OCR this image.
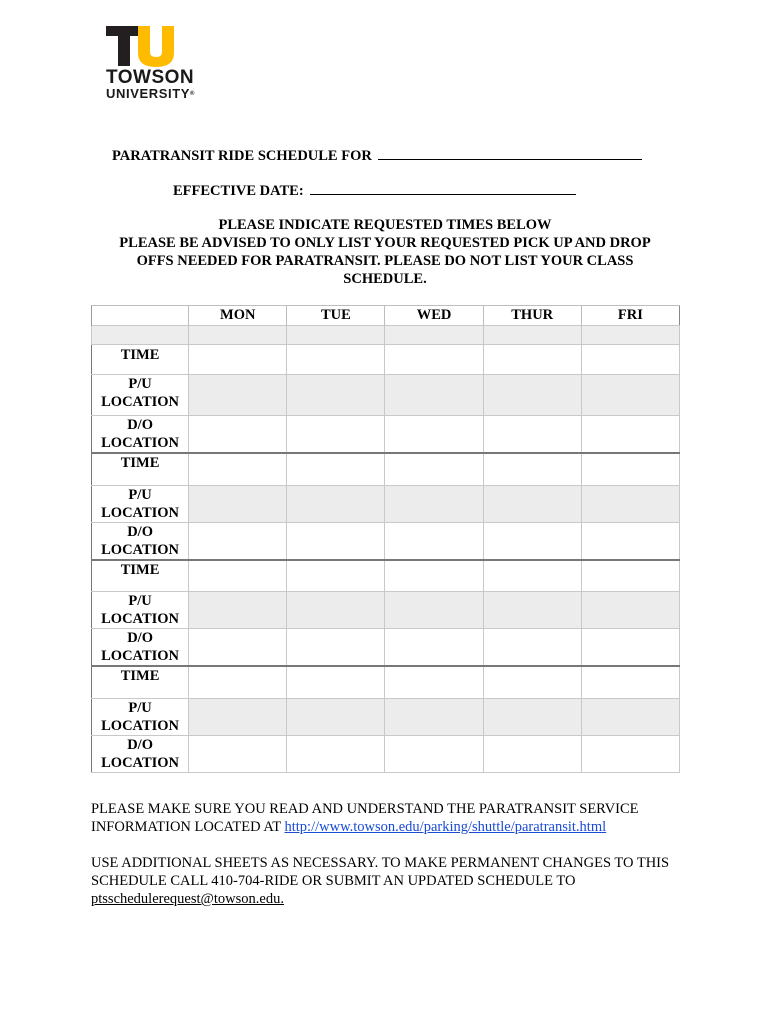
TOWSON
UNIVERSITY®
PARATRANSIT RIDE SCHEDULE FOR
EFFECTIVE DATE:
PLEASE INDICATE REQUESTED TIMES BELOW
PLEASE BE ADVISED TO ONLY LIST YOUR REQUESTED PICK UP AND DROP OFFS NEEDED FOR PARATRANSIT. PLEASE DO NOT LIST YOUR CLASS SCHEDULE.
	MON	TUE	WED	THUR	FRI

TIME					

P/U
LOCATION					

D/O
LOCATION					

TIME					

P/U
LOCATION					

D/O
LOCATION					

TIME					

P/U
LOCATION					

D/O
LOCATION					

TIME					

P/U
LOCATION					

D/O
LOCATION					

PLEASE MAKE SURE YOU READ AND UNDERSTAND THE PARATRANSIT SERVICE INFORMATION LOCATED AT http://www.towson.edu/parking/shuttle/paratransit.html
USE ADDITIONAL SHEETS AS NECESSARY. TO MAKE PERMANENT CHANGES TO THIS SCHEDULE CALL 410-704-RIDE OR SUBMIT AN UPDATED SCHEDULE TO ptsschedulerequest@towson.edu.
